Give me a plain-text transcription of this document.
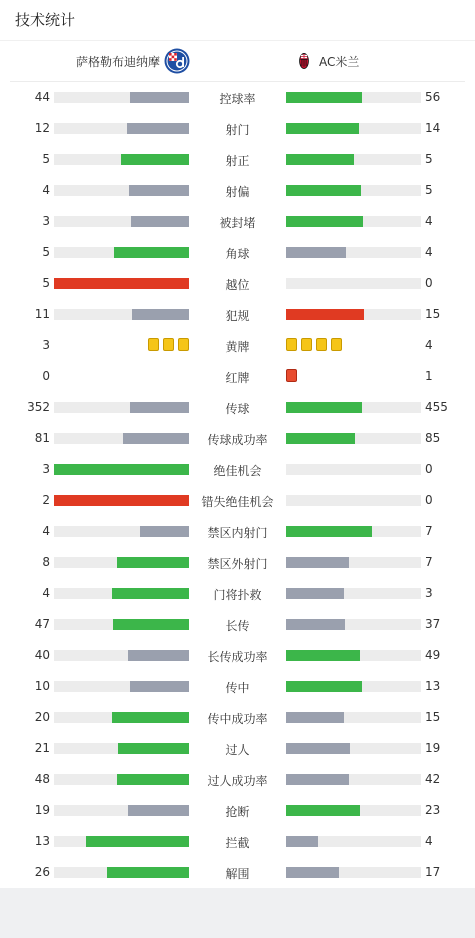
技术统计
萨格勒布迪纳摩	AC米兰
44	控球率	56
12	射门	14
5	射正	5
4	射偏	5
3	被封堵	4
5	角球	4
5	越位	0
11	犯规	15
3	黄牌	4
0	红牌	1
352	传球	455
81	传球成功率	85
3	绝佳机会	0
2	错失绝佳机会	0
4	禁区内射门	7
8	禁区外射门	7
4	门将扑救	3
47	长传	37
40	长传成功率	49
10	传中	13
20	传中成功率	15
21	过人	19
48	过人成功率	42
19	抢断	23
13	拦截	4
26	解围	17
